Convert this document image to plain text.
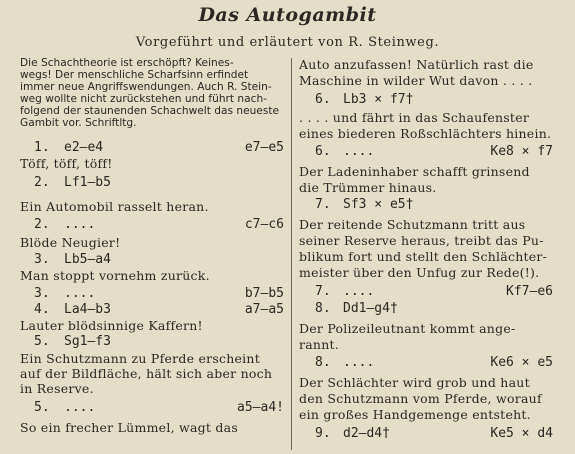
Das Autogambit
Vorgeführt und erläutert von R. Steinweg.
Die Schachtheorie ist erschöpft? Keines-
wegs! Der menschliche Scharfsinn erfindet
immer neue Angriffswendungen. Auch R. Stein-
weg wollte nicht zurückstehen und führt nach-
folgend der staunenden Schachwelt das neueste
Gambit vor. Schriftltg.
1. e2—e4	e7—e5
Töff, töff, töff!
2. Lf1—b5
Ein Automobil rasselt heran.
2. ....	c7—c6
Blöde Neugier!
3. Lb5—a4
Man stoppt vornehm zurück.
3. ....	b7—b5
4. La4—b3	a7—a5
Lauter blödsinnige Kaffern!
5. Sg1—f3
Ein Schutzmann zu Pferde erscheint
auf der Bildfläche, hält sich aber noch
in Reserve.
5. ....	a5—a4!
So ein frecher Lümmel, wagt das
Auto anzufassen! Natürlich rast die
Maschine in wilder Wut davon . . . .
6. Lb3 × f7†
. . . . und fährt in das Schaufenster
eines biederen Roßschlächters hinein.
6. ....	Ke8 × f7
Der Ladeninhaber schafft grinsend
die Trümmer hinaus.
7. Sf3 × e5†
Der reitende Schutzmann tritt aus
seiner Reserve heraus, treibt das Pu-
blikum fort und stellt den Schlächter-
meister über den Unfug zur Rede(!).
7. ....	Kf7—e6
8. Dd1—g4†
Der Polizeileutnant kommt ange-
rannt.
8. ....	Ke6 × e5
Der Schlächter wird grob und haut
den Schutzmann vom Pferde, worauf
ein großes Handgemenge entsteht.
9. d2—d4†	Ke5 × d4
